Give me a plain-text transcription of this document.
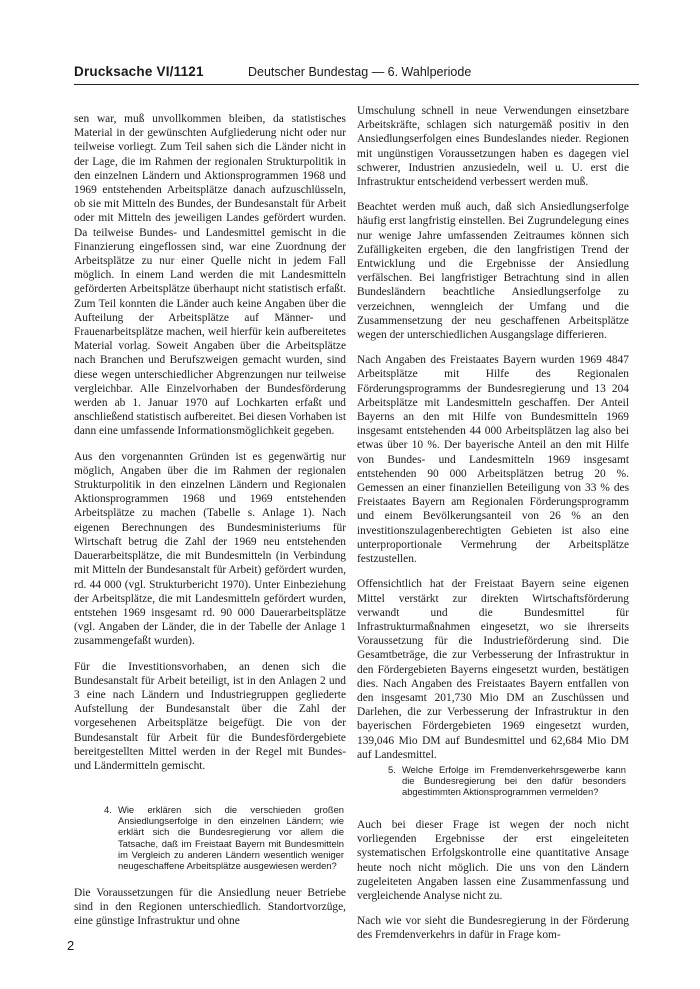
Drucksache VI/1121	Deutscher Bundestag — 6. Wahlperiode

sen war, muß unvollkommen bleiben, da statistisches Material in der gewünschten Aufgliederung nicht oder nur teilweise vorliegt. Zum Teil sahen sich die Länder nicht in der Lage, die im Rahmen der regionalen Strukturpolitik in den einzelnen Ländern und Aktionsprogrammen 1968 und 1969 entstehenden Arbeitsplätze danach aufzuschlüsseln, ob sie mit Mitteln des Bundes, der Bundesanstalt für Arbeit oder mit Mitteln des jeweiligen Landes gefördert wurden. Da teilweise Bundes- und Landesmittel gemischt in die Finanzierung eingeflossen sind, war eine Zuordnung der Arbeitsplätze zu nur einer Quelle nicht in jedem Fall möglich. In einem Land werden die mit Landesmitteln geförderten Arbeitsplätze überhaupt nicht statistisch erfaßt. Zum Teil konnten die Länder auch keine Angaben über die Aufteilung der Arbeitsplätze auf Männer- und Frauenarbeitsplätze machen, weil hierfür kein aufbereitetes Material vorlag. Soweit Angaben über die Arbeitsplätze nach Branchen und Berufszweigen gemacht wurden, sind diese wegen unterschiedlicher Abgrenzungen nur teilweise vergleichbar. Alle Einzelvorhaben der Bundesförderung werden ab 1. Januar 1970 auf Lochkarten erfaßt und anschließend statistisch aufbereitet. Bei diesen Vorhaben ist dann eine umfassende Informationsmöglichkeit gegeben.

Aus den vorgenannten Gründen ist es gegenwärtig nur möglich, Angaben über die im Rahmen der regionalen Strukturpolitik in den einzelnen Ländern und Regionalen Aktionsprogrammen 1968 und 1969 entstehenden Arbeitsplätze zu machen (Tabelle s. Anlage 1). Nach eigenen Berechnungen des Bundesministeriums für Wirtschaft betrug die Zahl der 1969 neu entstehenden Dauerarbeitsplätze, die mit Bundesmitteln (in Verbindung mit Mitteln der Bundesanstalt für Arbeit) gefördert wurden, rd. 44 000 (vgl. Strukturbericht 1970). Unter Einbeziehung der Arbeitsplätze, die mit Landesmitteln gefördert wurden, entstehen 1969 insgesamt rd. 90 000 Dauerarbeitsplätze (vgl. Angaben der Länder, die in der Tabelle der Anlage 1 zusammengefaßt wurden).

Für die Investitionsvorhaben, an denen sich die Bundesanstalt für Arbeit beteiligt, ist in den Anlagen 2 und 3 eine nach Ländern und Industriegruppen gegliederte Aufstellung der Bundesanstalt über die Zahl der vorgesehenen Arbeitsplätze beigefügt. Die von der Bundesanstalt für Arbeit für die Bundesfördergebiete bereitgestellten Mittel werden in der Regel mit Bundes- und Ländermitteln gemischt.

4. Wie erklären sich die verschieden großen Ansiedlungserfolge in den einzelnen Ländern; wie erklärt sich die Bundesregierung vor allem die Tatsache, daß im Freistaat Bayern mit Bundesmitteln im Vergleich zu anderen Ländern wesentlich weniger neugeschaffene Arbeitsplätze ausgewiesen werden?

Die Voraussetzungen für die Ansiedlung neuer Betriebe sind in den Regionen unterschiedlich. Standortvorzüge, eine günstige Infrastruktur und ohne

Umschulung schnell in neue Verwendungen einsetzbare Arbeitskräfte, schlagen sich naturgemäß positiv in den Ansiedlungserfolgen eines Bundeslandes nieder. Regionen mit ungünstigen Voraussetzungen haben es dagegen viel schwerer, Industrien anzusiedeln, weil u. U. erst die Infrastruktur entscheidend verbessert werden muß.

Beachtet werden muß auch, daß sich Ansiedlungserfolge häufig erst langfristig einstellen. Bei Zugrundelegung eines nur wenige Jahre umfassenden Zeitraumes können sich Zufälligkeiten ergeben, die den langfristigen Trend der Entwicklung und die Ergebnisse der Ansiedlung verfälschen. Bei langfristiger Betrachtung sind in allen Bundesländern beachtliche Ansiedlungserfolge zu verzeichnen, wenngleich der Umfang und die Zusammensetzung der neu geschaffenen Arbeitsplätze wegen der unterschiedlichen Ausgangslage differieren.

Nach Angaben des Freistaates Bayern wurden 1969 4847 Arbeitsplätze mit Hilfe des Regionalen Förderungsprogramms der Bundesregierung und 13 204 Arbeitsplätze mit Landesmitteln geschaffen. Der Anteil Bayerns an den mit Hilfe von Bundesmitteln 1969 insgesamt entstehenden 44 000 Arbeitsplätzen lag also bei etwas über 10 %. Der bayerische Anteil an den mit Hilfe von Bundes- und Landesmitteln 1969 insgesamt entstehenden 90 000 Arbeitsplätzen betrug 20 %. Gemessen an einer finanziellen Beteiligung von 33 % des Freistaates Bayern am Regionalen Förderungsprogramm und einem Bevölkerungsanteil von 26 % an den investitionszulagenberechtigten Gebieten ist also eine unterproportionale Vermehrung der Arbeitsplätze festzustellen.

Offensichtlich hat der Freistaat Bayern seine eigenen Mittel verstärkt zur direkten Wirtschaftsförderung verwandt und die Bundesmittel für Infrastrukturmaßnahmen eingesetzt, wo sie ihrerseits Voraussetzung für die Industrieförderung sind. Die Gesamtbeträge, die zur Verbesserung der Infrastruktur in den Fördergebieten Bayerns eingesetzt wurden, bestätigen dies. Nach Angaben des Freistaates Bayern entfallen von den insgesamt 201,730 Mio DM an Zuschüssen und Darlehen, die zur Verbesserung der Infrastruktur in den bayerischen Fördergebieten 1969 eingesetzt wurden, 139,046 Mio DM auf Bundesmittel und 62,684 Mio DM auf Landesmittel.

5. Welche Erfolge im Fremdenverkehrsgewerbe kann die Bundesregierung bei den dafür besonders abgestimmten Aktionsprogrammen vermelden?

Auch bei dieser Frage ist wegen der noch nicht vorliegenden Ergebnisse der erst eingeleiteten systematischen Erfolgskontrolle eine quantitative Ansage heute noch nicht möglich. Die uns von den Ländern zugeleiteten Angaben lassen eine Zusammenfassung und vergleichende Analyse nicht zu.

Nach wie vor sieht die Bundesregierung in der Förderung des Fremdenverkehrs in dafür in Frage kom-

2
